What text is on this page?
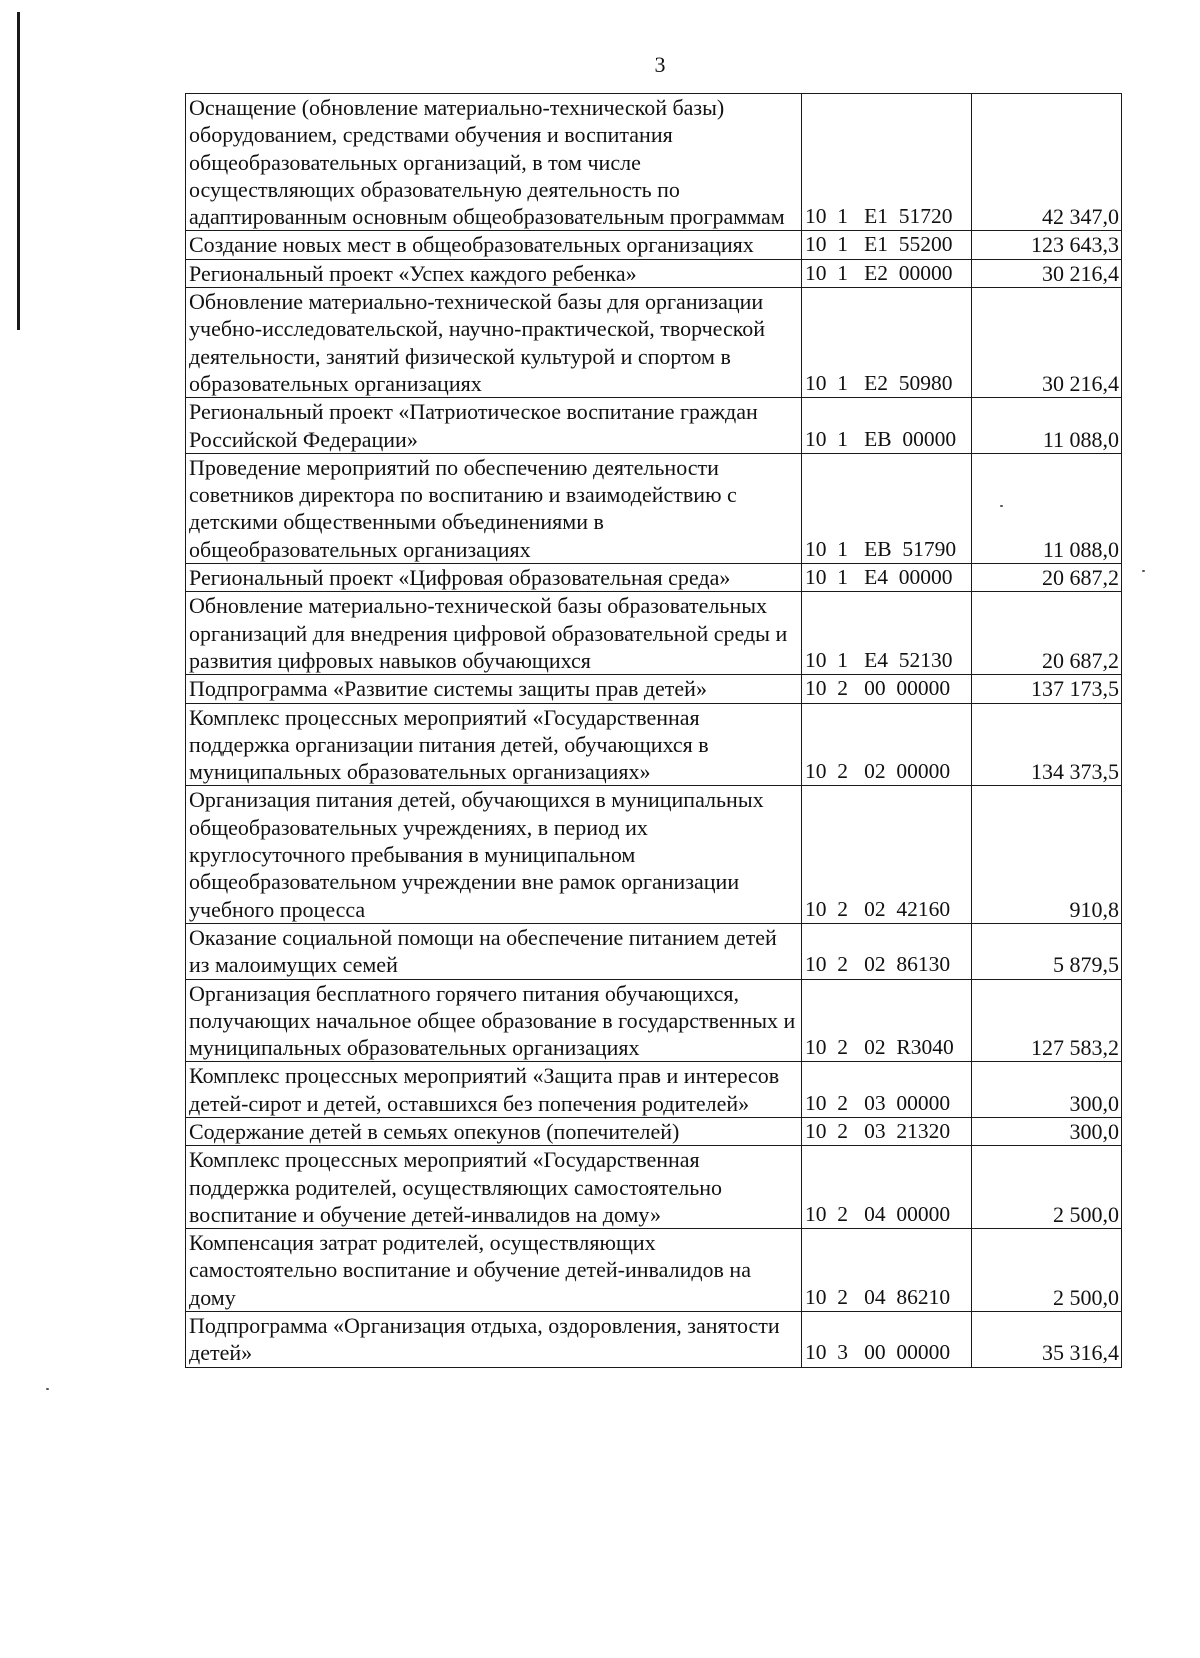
3
Оснащение (обновление материально-технической базы) оборудованием, средствами обучения и воспитания общеобразовательных организаций, в том числе осуществляющих образовательную деятельность по адаптированным основным общеобразовательным программам	10  1   E1  51720	42 347,0
Создание новых мест в общеобразовательных организациях	10  1   E1  55200	123 643,3
Региональный проект «Успех каждого ребенка»	10  1   E2  00000	30 216,4
Обновление материально-технической базы для организации учебно-исследовательской, научно-практической, творческой деятельности, занятий физической культурой и спортом в образовательных организациях	10  1   E2  50980	30 216,4
Региональный проект «Патриотическое воспитание граждан Российской Федерации»	10  1   EB  00000	11 088,0
Проведение мероприятий по обеспечению деятельности советников директора по воспитанию и взаимодействию с детскими общественными объединениями в общеобразовательных организациях	10  1   EB  51790	11 088,0
Региональный проект «Цифровая образовательная среда»	10  1   E4  00000	20 687,2
Обновление материально-технической базы образовательных организаций для внедрения цифровой образовательной среды и развития цифровых навыков обучающихся	10  1   E4  52130	20 687,2
Подпрограмма «Развитие системы защиты прав детей»	10  2   00  00000	137 173,5
Комплекс процессных мероприятий «Государственная поддержка организации питания детей, обучающихся в муниципальных образовательных организациях»	10  2   02  00000	134 373,5
Организация питания детей, обучающихся в муниципальных общеобразовательных учреждениях, в период их круглосуточного пребывания в муниципальном общеобразовательном учреждении вне рамок организации учебного процесса	10  2   02  42160	910,8
Оказание социальной помощи на обеспечение питанием детей из малоимущих семей	10  2   02  86130	5 879,5
Организация бесплатного горячего питания обучающихся, получающих начальное общее образование в государственных и муниципальных образовательных организациях	10  2   02  R3040	127 583,2
Комплекс процессных мероприятий «Защита прав и интересов детей-сирот и детей, оставшихся без попечения родителей»	10  2   03  00000	300,0
Содержание детей в семьях опекунов (попечителей)	10  2   03  21320	300,0
Комплекс процессных мероприятий «Государственная поддержка родителей, осуществляющих самостоятельно воспитание и обучение детей-инвалидов на дому»	10  2   04  00000	2 500,0
Компенсация затрат родителей, осуществляющих самостоятельно воспитание и обучение детей-инвалидов на дому	10  2   04  86210	2 500,0
Подпрограмма «Организация отдыха, оздоровления, занятости детей»	10  3   00  00000	35 316,4
